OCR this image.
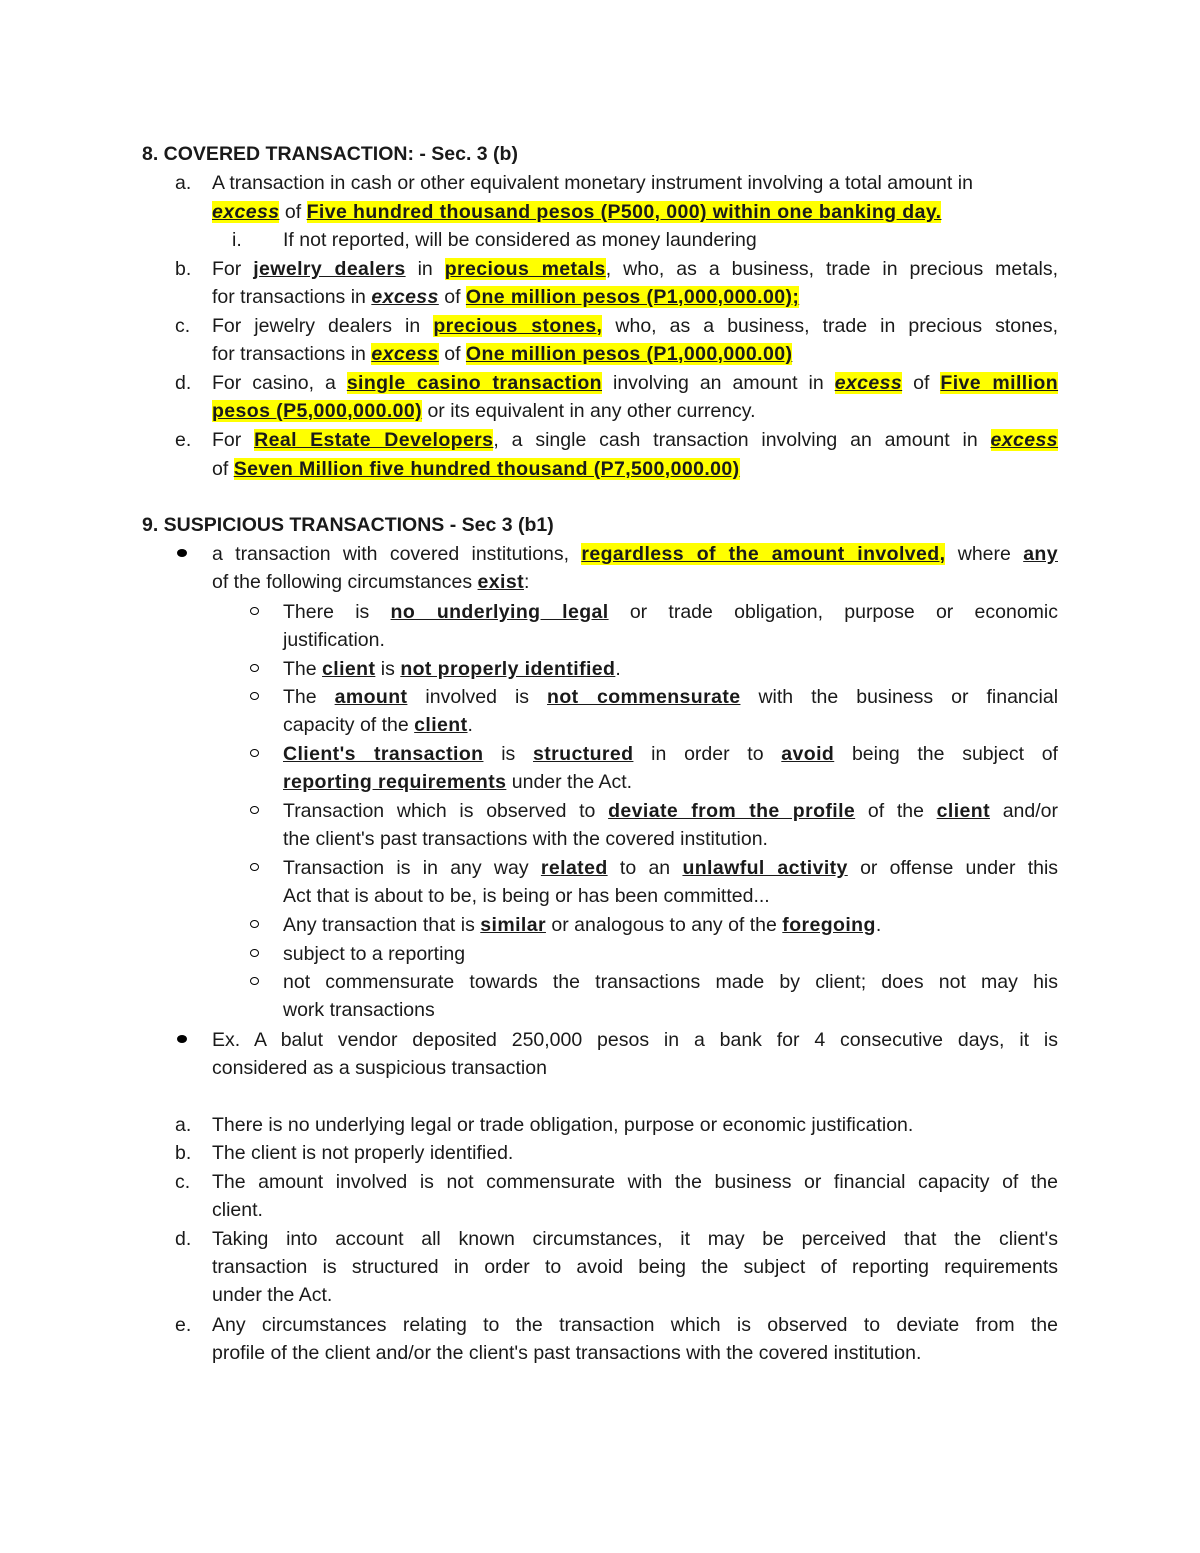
8. COVERED TRANSACTION: - Sec. 3 (b)
a. A transaction in cash or other equivalent monetary instrument involving a total amount in
excess of Five hundred thousand pesos (P500, 000) within one banking day.
i. If not reported, will be considered as money laundering
b. For jewelry dealers in precious metals, who, as a business, trade in precious metals,
for transactions in excess of One million pesos (P1,000,000.00);
c. For jewelry dealers in precious stones, who, as a business, trade in precious stones,
for transactions in excess of One million pesos (P1,000,000.00)
d. For casino, a single casino transaction involving an amount in excess of Five million
pesos (P5,000,000.00) or its equivalent in any other currency.
e. For Real Estate Developers, a single cash transaction involving an amount in excess
of Seven Million five hundred thousand (P7,500,000.00)
9. SUSPICIOUS TRANSACTIONS - Sec 3 (b1)
a transaction with covered institutions, regardless of the amount involved, where any
of the following circumstances exist:
There is no underlying legal or trade obligation, purpose or economic
justification.
The client is not properly identified.
The amount involved is not commensurate with the business or financial
capacity of the client.
Client's transaction is structured in order to avoid being the subject of
reporting requirements under the Act.
Transaction which is observed to deviate from the profile of the client and/or
the client's past transactions with the covered institution.
Transaction is in any way related to an unlawful activity or offense under this
Act that is about to be, is being or has been committed...
Any transaction that is similar or analogous to any of the foregoing.
subject to a reporting
not commensurate towards the transactions made by client; does not may his
work transactions
Ex. A balut vendor deposited 250,000 pesos in a bank for 4 consecutive days, it is
considered as a suspicious transaction
a. There is no underlying legal or trade obligation, purpose or economic justification.
b. The client is not properly identified.
c. The amount involved is not commensurate with the business or financial capacity of the
client.
d. Taking into account all known circumstances, it may be perceived that the client's
transaction is structured in order to avoid being the subject of reporting requirements
under the Act.
e. Any circumstances relating to the transaction which is observed to deviate from the
profile of the client and/or the client's past transactions with the covered institution.
